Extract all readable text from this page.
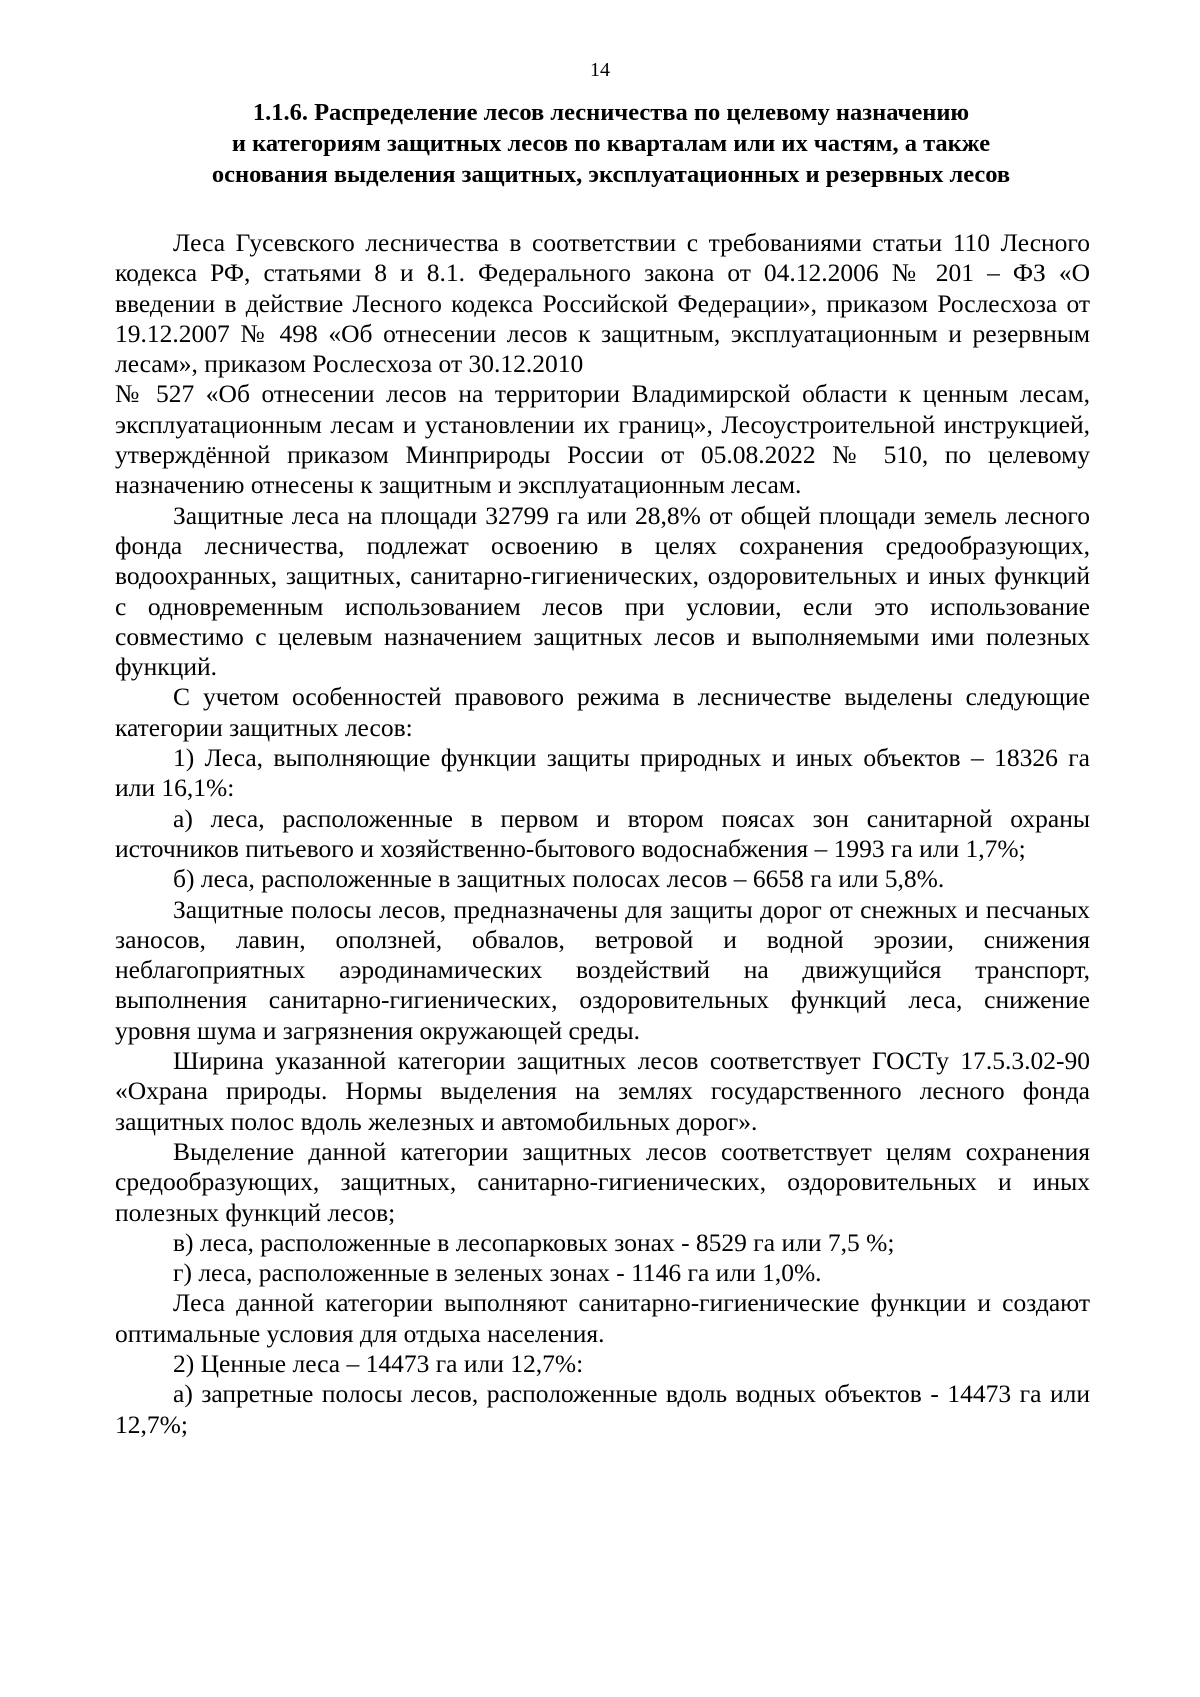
14
1.1.6. Распределение лесов лесничества по целевому назначению
и категориям защитных лесов по кварталам или их частям, а также
основания выделения защитных, эксплуатационных и резервных лесов

Леса Гусевского лесничества в соответствии с требованиями статьи 110 Лесного кодекса РФ, статьями 8 и 8.1. Федерального закона от 04.12.2006 № 201 – ФЗ «О введении в действие Лесного кодекса Российской Федерации», приказом Рослесхоза от 19.12.2007 № 498 «Об отнесении лесов к защитным, эксплуатационным и резервным лесам», приказом Рослесхоза от 30.12.2010
№ 527 «Об отнесении лесов на территории Владимирской области к ценным лесам, эксплуатационным лесам и установлении их границ», Лесоустроительной инструкцией, утверждённой приказом Минприроды России от 05.08.2022 № 510, по целевому назначению отнесены к защитным и эксплуатационным лесам.

Защитные леса на площади 32799 га или 28,8% от общей площади земель лесного фонда лесничества, подлежат освоению в целях сохранения средообразующих, водоохранных, защитных, санитарно-гигиенических, оздоровительных и иных функций с одновременным использованием лесов при условии, если это использование совместимо с целевым назначением защитных лесов и выполняемыми ими полезных функций.

С учетом особенностей правового режима в лесничестве выделены следующие категории защитных лесов:

1) Леса, выполняющие функции защиты природных и иных объектов – 18326 га или 16,1%:

а) леса, расположенные в первом и втором поясах зон санитарной охраны источников питьевого и хозяйственно-бытового водоснабжения – 1993 га или 1,7%;

б) леса, расположенные в защитных полосах лесов – 6658 га или 5,8%.

Защитные полосы лесов, предназначены для защиты дорог от снежных и песчаных заносов, лавин, оползней, обвалов, ветровой и водной эрозии, снижения неблагоприятных аэродинамических воздействий на движущийся транспорт, выполнения санитарно-гигиенических, оздоровительных функций леса, снижение уровня шума и загрязнения окружающей среды.

Ширина указанной категории защитных лесов соответствует ГОСТу 17.5.3.02-90 «Охрана природы. Нормы выделения на землях государственного лесного фонда защитных полос вдоль железных и автомобильных дорог».

Выделение данной категории защитных лесов соответствует целям сохранения средообразующих, защитных, санитарно-гигиенических, оздоровительных и иных полезных функций лесов;

в) леса, расположенные в лесопарковых зонах - 8529 га или 7,5 %;

г) леса, расположенные в зеленых зонах - 1146 га или 1,0%.

Леса данной категории выполняют санитарно-гигиенические функции и создают оптимальные условия для отдыха населения.

2) Ценные леса – 14473 га или 12,7%:

а) запретные полосы лесов, расположенные вдоль водных объектов - 14473 га или 12,7%;
